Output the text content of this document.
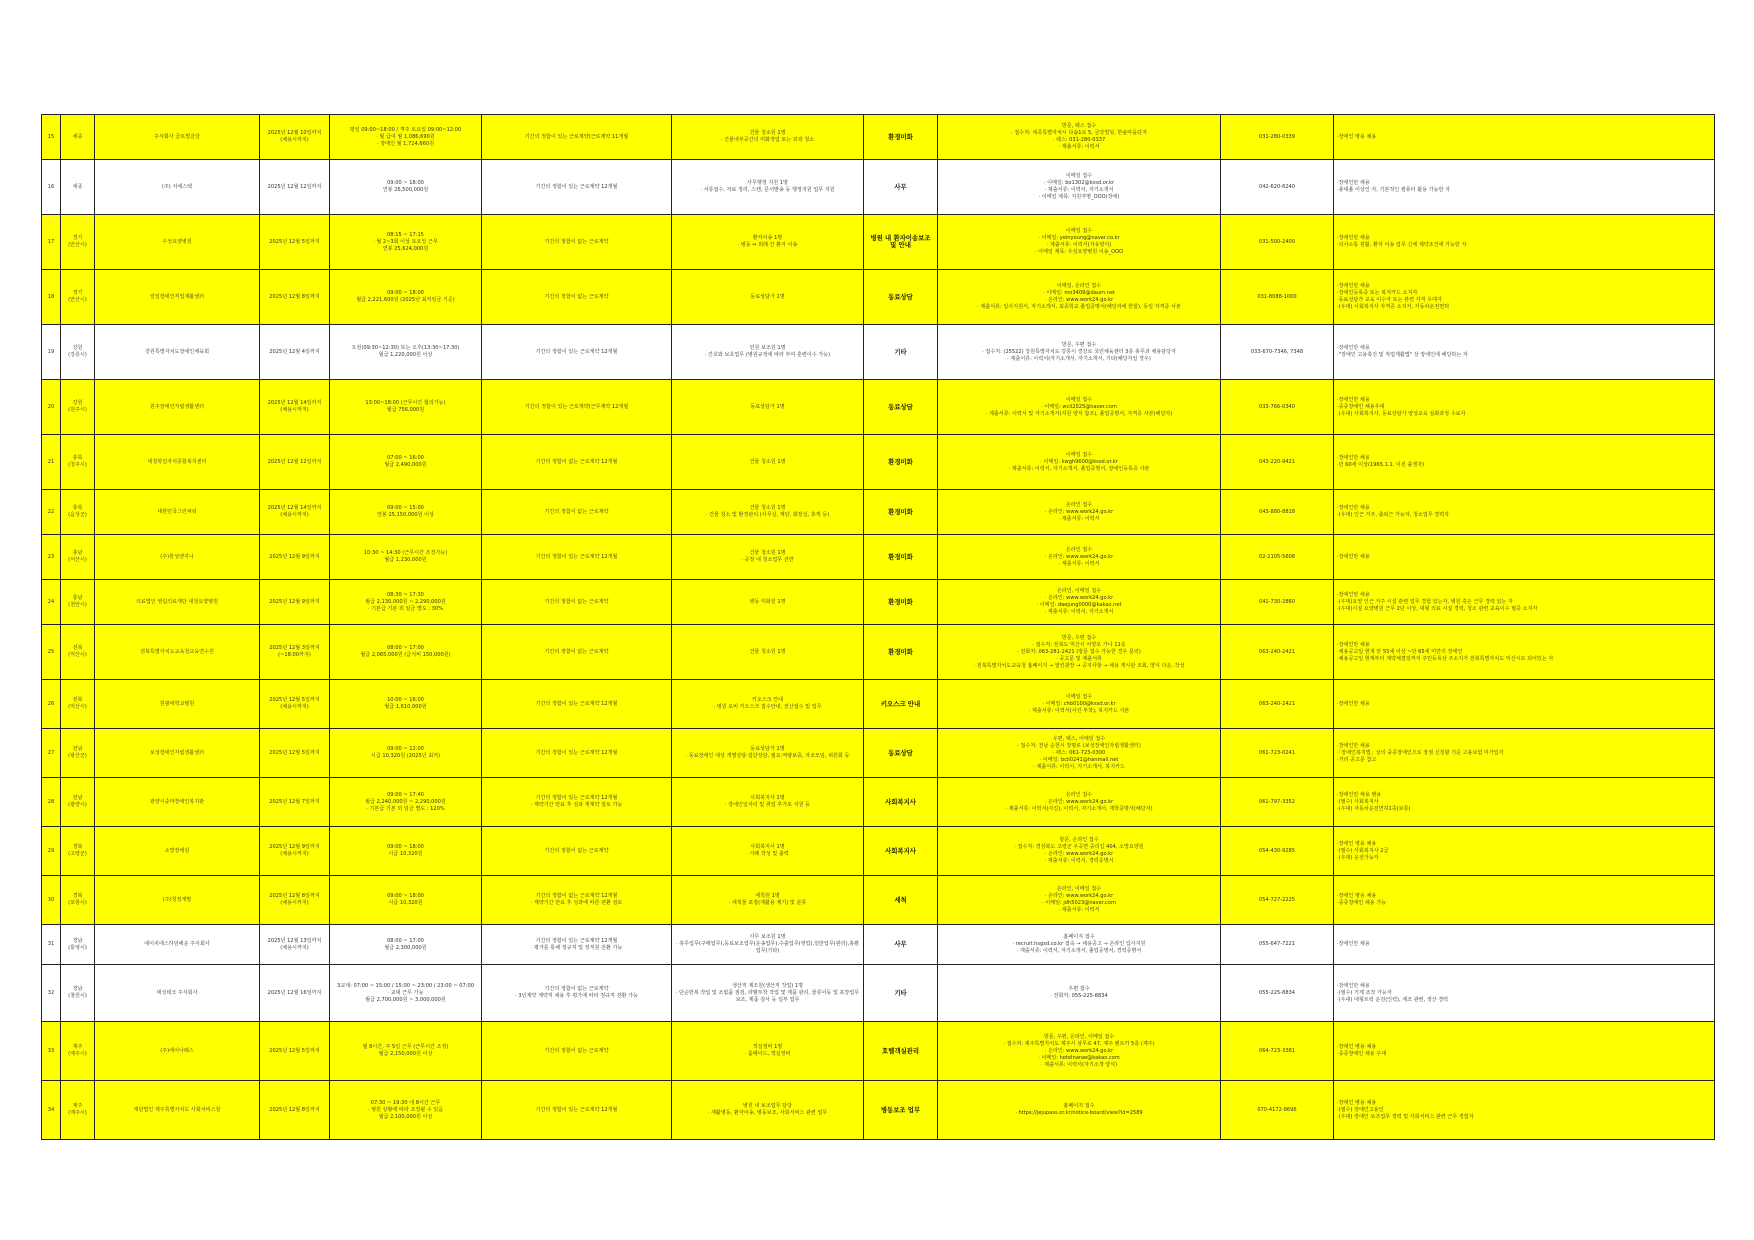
15	세종	주식회사 글로벌금강	2025년 12월 10일까지
(채용시까지)	평일 09:00~18:00 / 격주 토요일 09:00~12:00
· 월 급여 월 1,086,690원
· 장애인 월 1,724,660원	기간의 정함이 있는 근로계약(근로계약 11개월	건물 청소원 1명
· 건물내부공간의 미화작업 또는 외곽 청소	환경미화	방문, 팩스 접수
· 접수처: 세종특별자치시 다솜1로 5, 금강빌딩, 한솔마을단지
· 팩스: 031-280-0337
· 제출서류: 이력서	031-280-0339	·장애인 병용 채용
16	세종	(주) 지에스텍	2025년 12월 12일까지	09:00 ~ 18:00
연봉 26,500,000원	기간의 정함이 있는 근로계약 12개월	사무행정 지원 1명
· 서류접수, 자료 정리, 스캔, 문서발송 등 행정지원 업무 지원	사무	이메일 접수
· 이메일: bo1302@kssd.or.kr
· 제출서류: 이력서, 자기소개서
· 이메일 제목: 지원자명_OOO(장애)	042-620-6240	·장애인만 채용
·총대졸 이상인 자, 기본적인 컴퓨터 활용 가능한 자
17	경기
(안산시)	우성요양병원	2025년 12월 5일까지	08:15 ~ 17:15
· 월 2~3회 이상 토요일 근무
연봉 25,624,000원	기간의 정함이 없는 근로계약	환자이송 1명
· 병동 ↔ 외래 간 환자 이송	병원 내 환자이송보조 및 안내	이메일 접수
· 이메일: yeinyoung@naver.co.kr
· 제출서류: 이력서(자유양식)
· 이메일 제목: 우성요양병원 이송_OOO	031-500-2400	·장애인만 채용
·의사소통 원활, 환자 이송 업무 신체 제약조건에 가능한 자
18	경기
(안산시)	일일장애인직업재활센터	2025년 12월 8일까지	09:00 ~ 18:00
월급 2,221,600원 (2025년 최저임금 기준)	기간의 정함이 없는 근로계약	동료상담가 1명	동료상담	이메일, 온라인 접수
· 이메일: mo3409@daum.net
· 온라인: www.work24.go.kr
· 제출서류: 입사지원서, 자기소개서, 최종학교 졸업증명서(해당자에 한함), 동일 자격증 사본	031-8088-1000	·장애인만 채용
·장애인등록증 또는 복지카드 소지자
·동료상담가 교육 이수자 또는 관련 자격 우대자
·(우대) 사회복지사 자격증 소지자, 자동차운전면허
19	강원
(강릉시)	강원특별자치도장애인체육회	2025년 12월 4일까지	오전(09:30~12:30) 또는 오후(13:30~17:30)
월급 1,220,000원 이상	기간의 정함이 있는 근로계약 12개월	민원 보조원 1명
· 간호와 보호업무 (병원규정에 따라 부여 훈련이수 가능)	기타	방문, 우편 접수
· 접수처: (25522) 강원특별자치도 강릉시 경강로 국민체육센터 3층 총무과 채용담당자
· 제출서류: 이력서(자기소개서, 자기소개서, 기타(해당자일 경우)	033-670-7346, 7348	·장애인만 채용
·"장애인 고용촉진 및 직업재활법" 상 장애인에 해당하는 자
20	강원
(원주시)	원주장애인자립생활센터	2025년 12월 14일까지
(채용시까지)	13:00~18:00 (근무시간 협의가능)
월급 756,000원	기간의 정함이 있는 근로계약(근무계약 12개월	동료상담가 1명	동료상담	이메일 접수
· 이메일: wcil2025@naver.com
· 제출서류: 이력서 및 자기소개서(지원 양식 참조), 졸업증명서, 자격증 사본(해당자)	033-766-0340	·장애인만 채용
·중증장애인 채용우대
·(우대) 사회복지사, 동료상담가 양성교육 심화과정 수료자
21	충북
(청주시)	대청학일자치종합복지센터	2025년 12월 12일까지	07:00 ~ 16:00
월급 2,490,000원	기간의 정함이 없는 근로계약 12개월	건물 청소원 1명	환경미화	이메일 접수
· 이메일: kwgh9600@kssd.or.kr
· 제출서류: 이력서, 자기소개서, 졸업증명서, 장애인등록증 사본	043-220-9421	·장애인만 채용
·만 60세 이상(1965.1.1. 이전 출생자)
22	충북
(음성군)	대한민국그린파워	2025년 12월 14일까지
(채용시까지)	09:00 ~ 15:00
연봉 25,150,000원 이상	기간의 정함이 없는 근로계약	건물 청소원 1명
· 건물 청소 및 환경관리 (사무실, 계단, 화장실, 휴게 등)	환경미화	온라인 접수
· 온라인: www.work24.go.kr
· 제출서류: 이력서	043-880-8818	·장애인만 채용
·(우대) 인근 거주, 출퇴근 가능자, 청소업무 경력자
23	충남
(서산시)	(주)한성엔지니	2025년 12월 9일까지	10:30 ~ 14:30 (근무시간 조정가능)
월급 1,230,000원	기간의 정함이 있는 근로계약 12개월	건물 청소원 1명
· 공장 내 청소업무 전반	환경미화	온라인 접수
· 온라인: www.work24.go.kr
· 제출서류: 이력서	02-2105-5608	·장애인만 채용
24	충남
(천안시)	의료법인 영림의료재단 대청요양병원	2025년 12월 9일까지	08:30 ~ 17:30
월급 2,130,000원 ~ 2,290,000원
· 기본급 기본 외 임금 별도 : 30%	기간의 정함이 없는 근로계약	병동 미화원 1명	환경미화	온라인, 이메일 접수
· 온라인: www.work24.go.kr
· 이메일: daejung0000@kakao.net
· 제출서류: 이력서, 자기소개서	041-730-2860	·장애인만 채용
·(우대)요양 인근 거주 시설 관련 업무 경험 있는자, 병원 혹은 근무 경력 있는 자
·(우대)시설 요양병원 근무 2년 이상, 대형 의료 시설 경력, 청소 관련 교육이수 필증 소지자
25	전북
(익산시)	전북특별자치도교육청교육연수원	2025년 12월 3일까지
(~18:00까지)	08:00 ~ 17:00
월급 2,065,000원 (급식비 150,000원)	기간의 정함이 없는 근로계약	건물 청소원 1명	환경미화	방문, 우편 접수
· 접수처: 전북도 익산시 어양로 가나 11층
· 전화처: 063-281-2421 (방문 접수 가능한 경우 문의)
· 공고문 및 제출서류
· 전북특별자치도교육청 홈페이지 → 열린광장 → 공지사항 → 채용 게시판 조회, 양식 다운, 작성	063-240-2421	·장애인만 채용
·채용공고일 현재 만 55세 이상 ~만 65세 미만의 장애인
·채용공고일 현재부터 계약체결일까지 주민등록상 주소지가 전북특별자치도 익산시로 되어있는 자
26	전북
(익산시)	원광대학교병원	2025년 12월 5일까지
(채용시까지)	10:00 ~ 16:00
월급 1,610,000원	기간의 정함이 있는 근로계약 12개월	키오스크 안내
· 병원 로비 키오스크 접수안내, 전산접수 및 업무	키오스크 안내	이메일 접수
· 이메일: chb0100@kssd.or.kr
· 제출서류: 이력서(사진 부착), 복지카드 사본	063-240-2421	·장애인만 채용
27	전남
(광산군)	보성장애인자립생활센터	2025년 12월 5일까지	09:00 ~ 12:00
시급 10,320원 (2025년 최저)	기간의 정함이 있는 근로계약 12개월	동료상담가 1명
· 동료장애인 대상 개별상담·집단상담, 필요·역량보증, 자조모임, 위원회 등	동료상담	우편, 팩스, 이메일 접수
· 접수처: 전남 순천시 장평로 (보성장애인자립생활센터)
· 팩스: 061-723-0300
· 이메일: bcil0241@hanmail.net
· 제출서류: 이력서, 자기소개서, 복지카드	061-723-0241	·장애인만 채용
·「장애인복지법」상의 중증장애인으로 장점 신청할 기준 고용보험 미가입자
·거리 공고문 참고
28	전남
(광양시)	광양시중마장애인복지관	2025년 12월 7일까지	09:00 ~ 17:40
월급 2,240,000원 ~ 2,290,000원
· 기본급 기본 외 임금 별도 : 120%	기간의 정함이 있는 근로계약 12개월
· 계약기간 만료 후 성과 재계약 검토 가능	사회복지사 1명
· 장애인일자리 및 취업 추가로 지원 등	사회복지사	온라인 접수
· 온라인: www.work24.go.kr
· 제출서류: 이력서(사진), 이력서, 자기소개서, 재학증명서(해당자)	061-797-3352	·장애인만 채용 병용
·(필수) 사회복지사
·(우대) 자동차운전면허1종(보통)
29	경북
(고령군)	소망장애원	2025년 12월 9일까지
(채용시까지)	09:00 ~ 18:00
시급 10,320원	기간의 정함이 없는 근로계약	사회복지사 1명
· 사례 작성 및 출력	사회복지사	방문, 온라인 접수
· 접수처: 경상북도 고령군 우곡면 중리길 404, 소망요양원
· 온라인: www.work24.go.kr
· 제출서류: 이력서, 경력증명서	054-430-9285	·장애인 병용 채용
·(필수) 사회복지사 2급
·(우대) 운전가능자
30	경북
(포항시)	(주)청정개발	2025년 12월 8일까지
(채용시까지)	09:00 ~ 18:00
시급 10,320원	기간의 정함이 없는 근로계약 12개월
· 계약기간 만료 후 성과에 따른 전환 검토	세척원 1명
· 세척물 포장(재활용 제기) 및 분류	세척	온라인, 이메일 접수
· 온라인: www.work24.go.kr
· 이메일: jdh5023@naver.com
· 제출서류: 이력서	054-727-2225	·장애인 병용 채용
·중증장애인 채용 가능
31	경남
(통영시)	에이치에스하임해운 주식회사	2025년 12월 13일까지
(채용시까지)	08:00 ~ 17:00
월급 2,300,000원	기간의 정함이 있는 근로계약 12개월
· 평가를 통해 정규직 및 정직원 전환 가능	사무 보조원 1명
· 휴무업무(구매업무),동료보조업무(운송업무),수출업무(영업),일반업무(관리),총괄업무(기타)	사무	홈페이지 접수
· recruit.hsgsd.co.kr 접속 → 채용공고 → 온라인 입사지원
· 제출서류: 이력서, 자기소개서, 졸업증명서, 경력증명서	055-647-7221	·장애인만 채용
32	경남
(창원시)	태성테크 주식회사	2025년 12월 16일까지	3교대: 07:00 ~ 15:00 / 15:00 ~ 23:00 / 23:00 ~ 07:00
· 교대 근무 가능
월급 2,700,000원 ~ 3,000,000원	기간의 정함이 없는 근로계약
· 3년계약 계약직 채용 후 평가에 따라 정규직 전환 가능	생산직 제조원(생산직 작업) 1명
· 단순반복 작업 및 조립품 점검, 라벨부착 작업 및 제품 관리, 물류이동 및 포장업무 보조, 제품 검사 등 일부 업무	기타	우편 접수
· 전화처: 055-225-8834	055-225-8834	·장애인만 채용
·(필수) 기계 조작 가능자
·(우대) 대형트럭 운전(인력), 제조 관련, 생산 경력
33	제주
(제주시)	(주)에이나래스	2025년 12월 5일까지	월 8시간, 주 5일 근무 (근무시간 조정)
월급 2,150,000원 이상	기간의 정함이 없는 근로계약	객실정비 1명
· 룸메이드, 객실정비	호텔객실관리	방문, 우편, 온라인, 이메일 접수
· 접수처: 제주특별자치도 제주시 삼무로 47, 제주 렌트카 5층 (제주)
· 온라인: www.work24.go.kr
· 이메일: hotelnarae@kakao.com
· 제출서류: 이력서(자기소개 양식)	064-723-3381	·장애인 병용 채용
·중증장애인 채용 우대
34	제주
(제주시)	재단법인 제주특별자치도 사회서비스원	2025년 12월 8일까지	07:30 ~ 19:30 내 8시간 근무
· 병원 상황에 따라 조정될 수 있음
월급 2,100,000원 이상	기간의 정함이 있는 근로계약 12개월	병원 내 보조업무 담당
· 재활병동, 환자이송, 병동보조, 사회서비스 관련 업무	병동보조 업무	홈페이지 접수
· https://jejupass.or.kr/notice-board/view?id=2589	070-4172-8696	·장애인 병용 채용
·(필수) 장애인고용인
·(우대) 장애인 보조업무 경력 및 사회서비스 관련 근무 경험자
